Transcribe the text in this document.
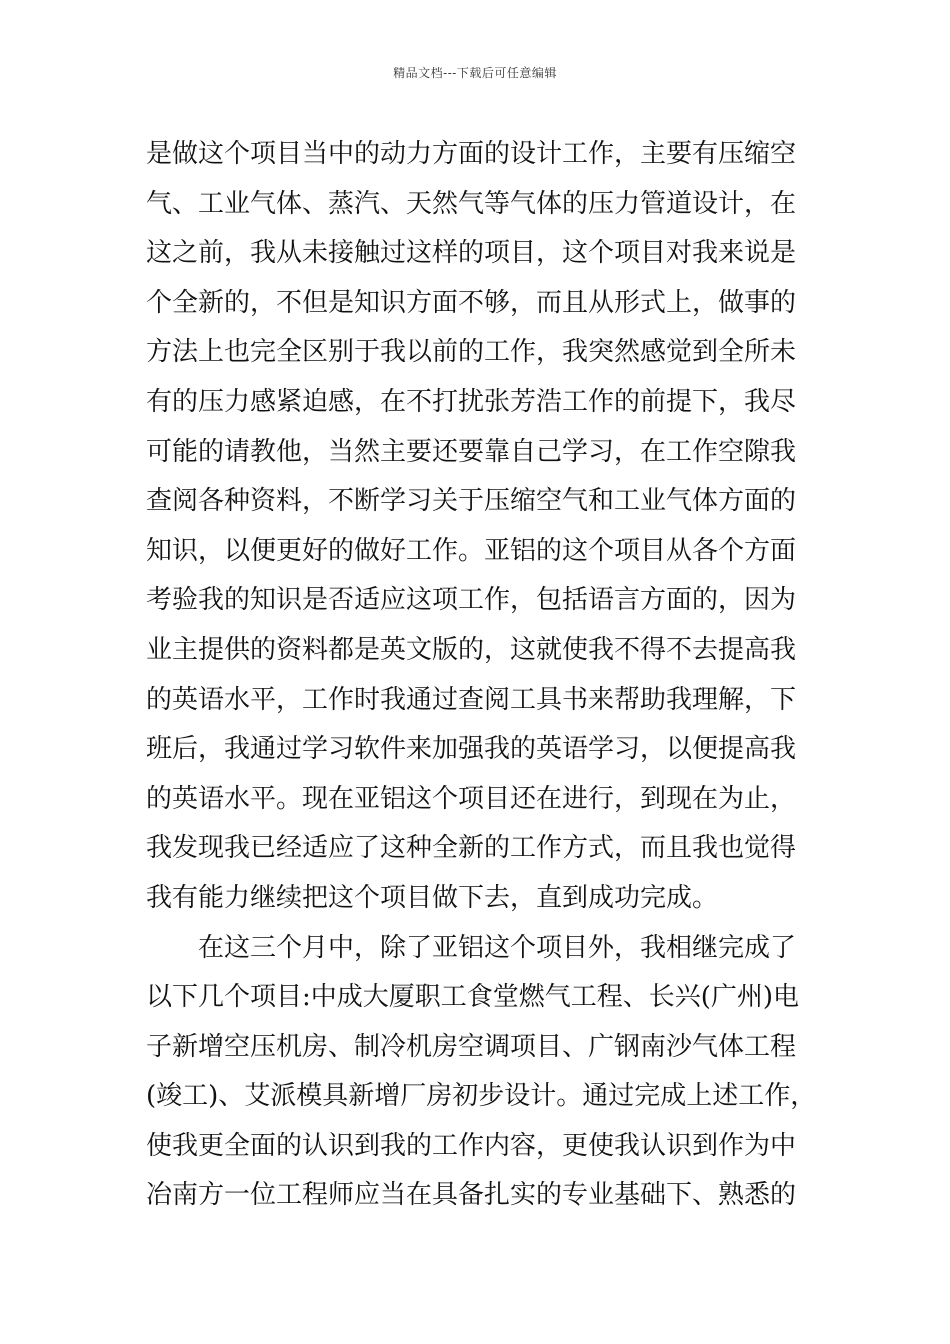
精品文档---下载后可任意编辑
是做这个项目当中的动力方面的设计工作，主要有压缩空
气、工业气体、蒸汽、天然气等气体的压力管道设计，在
这之前，我从未接触过这样的项目，这个项目对我来说是
个全新的，不但是知识方面不够，而且从形式上，做事的
方法上也完全区别于我以前的工作，我突然感觉到全所未
有的压力感紧迫感，在不打扰张芳浩工作的前提下，我尽
可能的请教他，当然主要还要靠自己学习，在工作空隙我
查阅各种资料，不断学习关于压缩空气和工业气体方面的
知识，以便更好的做好工作。亚铝的这个项目从各个方面
考验我的知识是否适应这项工作，包括语言方面的，因为
业主提供的资料都是英文版的，这就使我不得不去提高我
的英语水平，工作时我通过查阅工具书来帮助我理解，下
班后，我通过学习软件来加强我的英语学习，以便提高我
的英语水平。现在亚铝这个项目还在进行，到现在为止，
我发现我已经适应了这种全新的工作方式，而且我也觉得
我有能力继续把这个项目做下去，直到成功完成。
在这三个月中，除了亚铝这个项目外，我相继完成了
以下几个项目:中成大厦职工食堂燃气工程、长兴(广州)电
子新增空压机房、制冷机房空调项目、广钢南沙气体工程
(竣工)、艾派模具新增厂房初步设计。通过完成上述工作，
使我更全面的认识到我的工作内容，更使我认识到作为中
冶南方一位工程师应当在具备扎实的专业基础下、熟悉的
